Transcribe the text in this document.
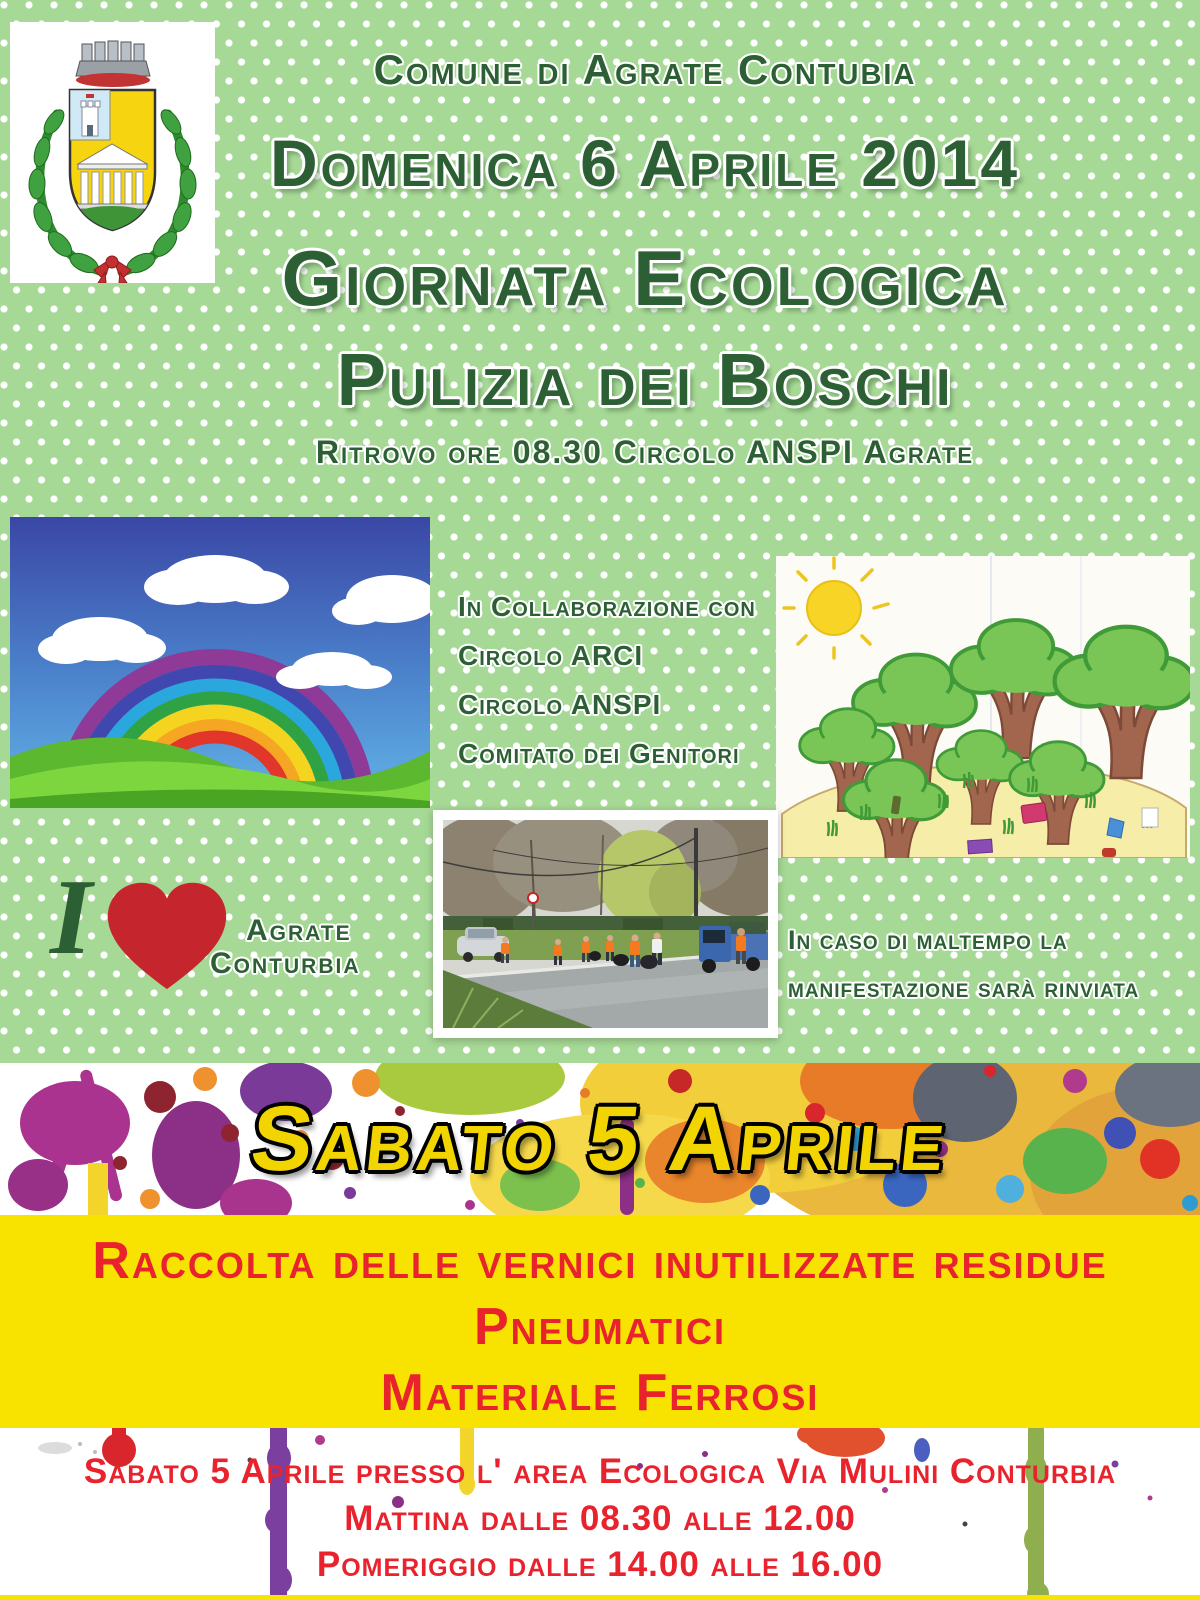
Comune di Agrate Contubia
Domenica 6 Aprile 2014
Giornata Ecologica
Pulizia dei Boschi
Ritrovo ore 08.30 Circolo ANSPI Agrate
In Collaborazione con
Circolo ARCI
Circolo ANSPI
Comitato dei Genitori
I	Agrate
Conturbia
In caso di maltempo la
manifestazione sarà rinviata
Sabato 5 Aprile
Raccolta delle vernici inutilizzate residue
Pneumatici
Materiale Ferrosi
Sabato 5 Aprile presso l' area Ecologica Via Mulini Conturbia
Mattina dalle 08.30 alle 12.00
Pomeriggio dalle 14.00 alle 16.00
